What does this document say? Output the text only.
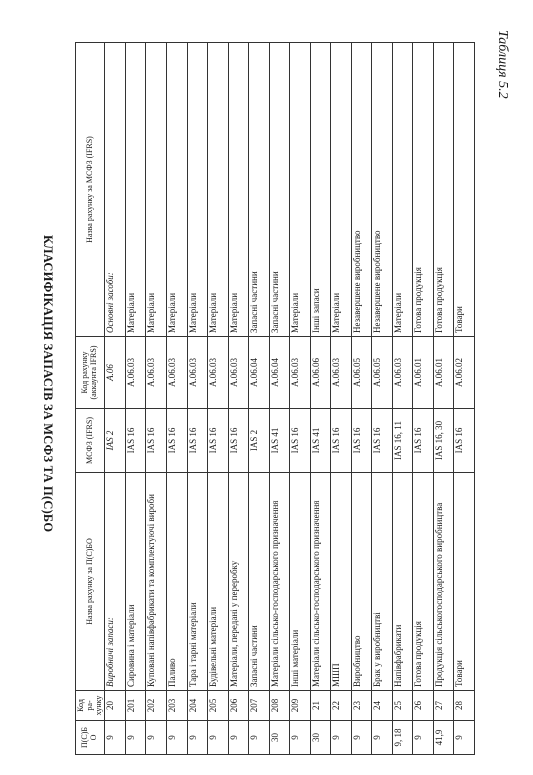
Таблиця 5.2
КЛАСИФІКАЦІЯ ЗАПАСІВ ЗА МСФЗ ТА П(С)БО
П(С)Б О	Код ра- хунку	Назва рахунку за П(С)БО	МСФЗ (IFRS)	Код рахунку (аккаунта IFRS)	Назва рахунку за МСФЗ (IFRS)
9	20	Виробничі запаси:	IAS 2	A.06	Основні засоби:
9	201	Сировина і матеріали	IAS 16	A.06.03	Матеріали
9	202	Куповані напівфабрикати та комплектуючі вироби	IAS 16	A.06.03	Матеріали
9	203	Паливо	IAS 16	A.06.03	Матеріали
9	204	Тара і тарні матеріали	IAS 16	A.06.03	Матеріали
9	205	Будівельні матеріали	IAS 16	A.06.03	Матеріали
9	206	Матеріали, передані у переробку	IAS 16	A.06.03	Матеріали
9	207	Запасні частини	IAS 2	A.06.04	Запасні частини
30	208	Матеріали сільсько-господарського призначення	IAS 41	A.06.04	Запасні частини
9	209	Інші матеріали	IAS 16	A.06.03	Матеріали
30	21	Матеріали сільсько-господарського призначення	IAS 41	A.06.06	Інші запаси
9	22	МШП	IAS 16	A.06.03	Матеріали
9	23	Виробництво	IAS 16	A.06.05	Незавершене виробництво
9	24	Брак у виробництві	IAS 16	A.06.05	Незавершене виробництво
9, 18	25	Напівфабрикати	IAS 16, 11	A.06.03	Матеріали
9	26	Готова продукція	IAS 16	A.06.01	Готова продукція
41,9	27	Продукція сільськогосподарського виробництва	IAS 16, 30	A.06.01	Готова продукція
9	28	Товари	IAS 16	A.06.02	Товари
